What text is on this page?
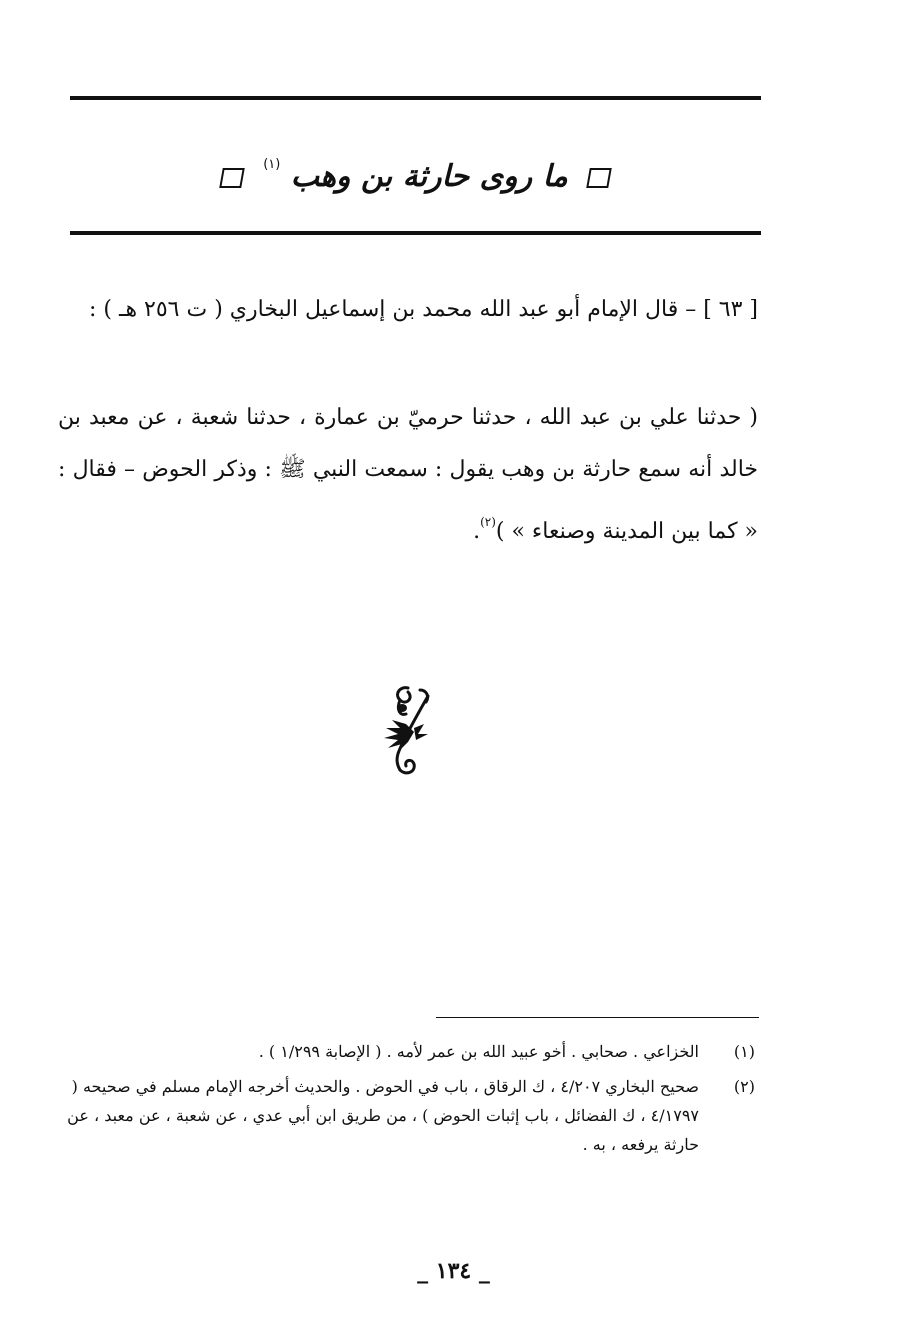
ما روى حارثة بن وهب $^{(١)}$
[ ٦٣ ] – قال الإمام أبو عبد الله محمد بن إسماعيل البخاري ( ت ٢٥٦ هـ ) :
( حدثنا علي بن عبد الله ، حدثنا حرميّ بن عمارة ، حدثنا شعبة ، عن معبد بن خالد أنه سمع حارثة بن وهب يقول : سمعت النبي ﷺ : وذكر الحوض – فقال : « كما بين المدينة وصنعاء » )$^{(٢)}$.
(١)
الخزاعي . صحابي . أخو عبيد الله بن عمر لأمه . ( الإصابة ١/٢٩٩ ) .
(٢)
صحيح البخاري ٤/٢٠٧ ، ك الرقاق ، باب في الحوض . والحديث أخرجه الإمام مسلم في صحيحه ( ٤/١٧٩٧ ، ك الفضائل ، باب إثبات الحوض ) ، من طريق ابن أبي عدي ، عن شعبة ، عن معبد ، عن حارثة يرفعه ، به .
_ ١٣٤ _
